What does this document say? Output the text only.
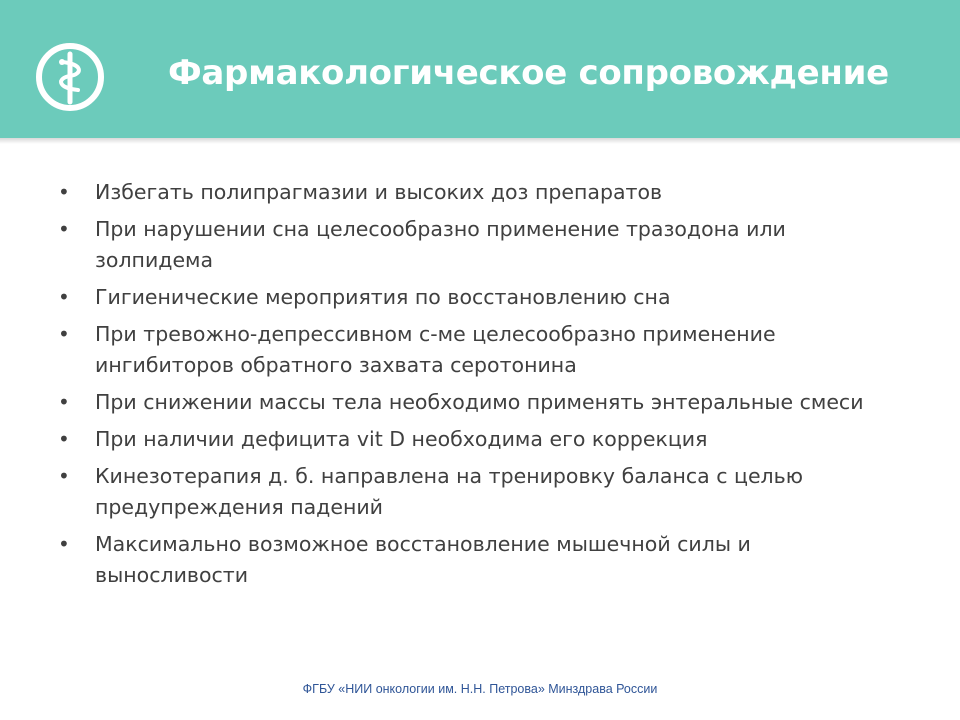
Фармакологическое сопровождение
• Избегать полипрагмазии и высоких доз препаратов
• При нарушении сна целесообразно применение тразодона или золпидема
• Гигиенические мероприятия по восстановлению сна
• При тревожно-депрессивном с-ме целесообразно применение ингибиторов обратного захвата серотонина
• При снижении массы тела необходимо применять энтеральные смеси
• При наличии дефицита vit D необходима его коррекция
• Кинезотерапия д. б. направлена на тренировку баланса с целью предупреждения падений
• Максимально возможное восстановление мышечной силы и выносливости
ФГБУ «НИИ онкологии им. Н.Н. Петрова» Минздрава России
